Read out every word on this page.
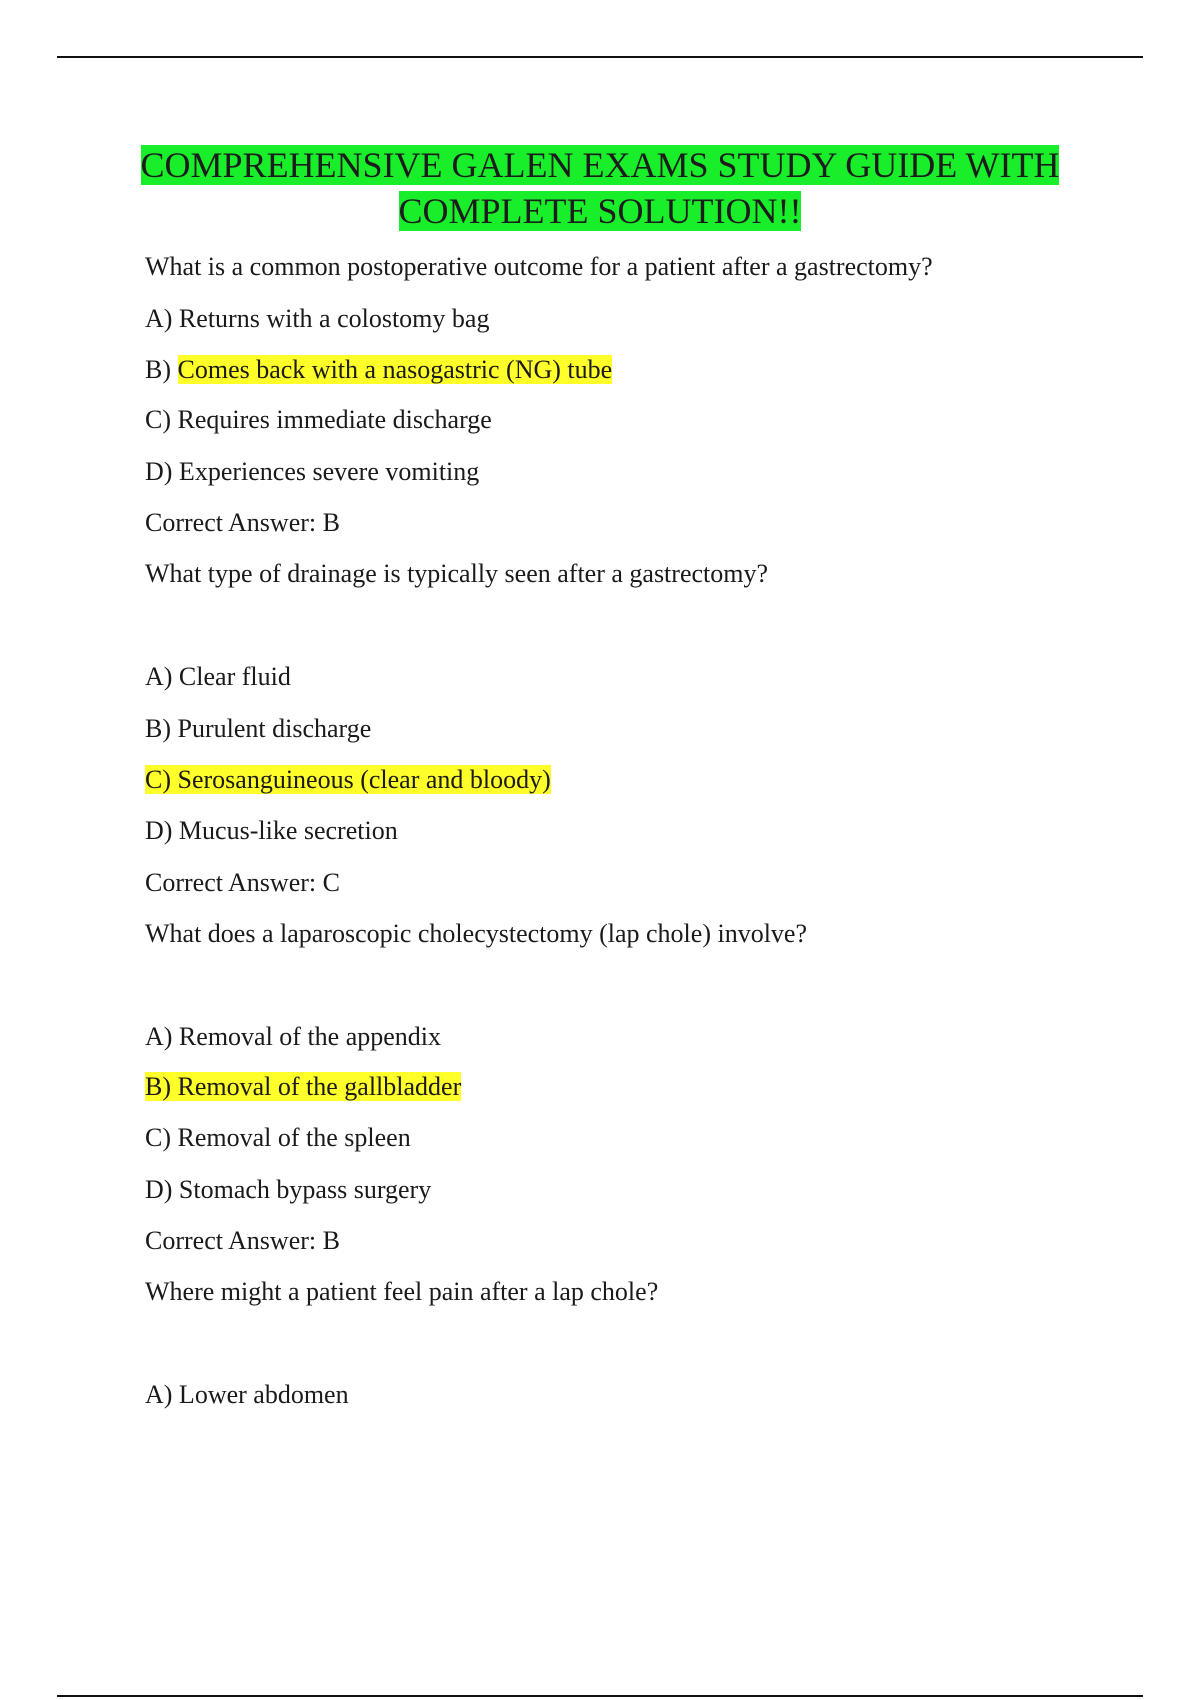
COMPREHENSIVE GALEN EXAMS STUDY GUIDE WITH
COMPLETE SOLUTION!!
What is a common postoperative outcome for a patient after a gastrectomy?
A) Returns with a colostomy bag
B) Comes back with a nasogastric (NG) tube
C) Requires immediate discharge
D) Experiences severe vomiting
Correct Answer: B
What type of drainage is typically seen after a gastrectomy?
A) Clear fluid
B) Purulent discharge
C) Serosanguineous (clear and bloody)
D) Mucus-like secretion
Correct Answer: C
What does a laparoscopic cholecystectomy (lap chole) involve?
A) Removal of the appendix
B) Removal of the gallbladder
C) Removal of the spleen
D) Stomach bypass surgery
Correct Answer: B
Where might a patient feel pain after a lap chole?
A) Lower abdomen
